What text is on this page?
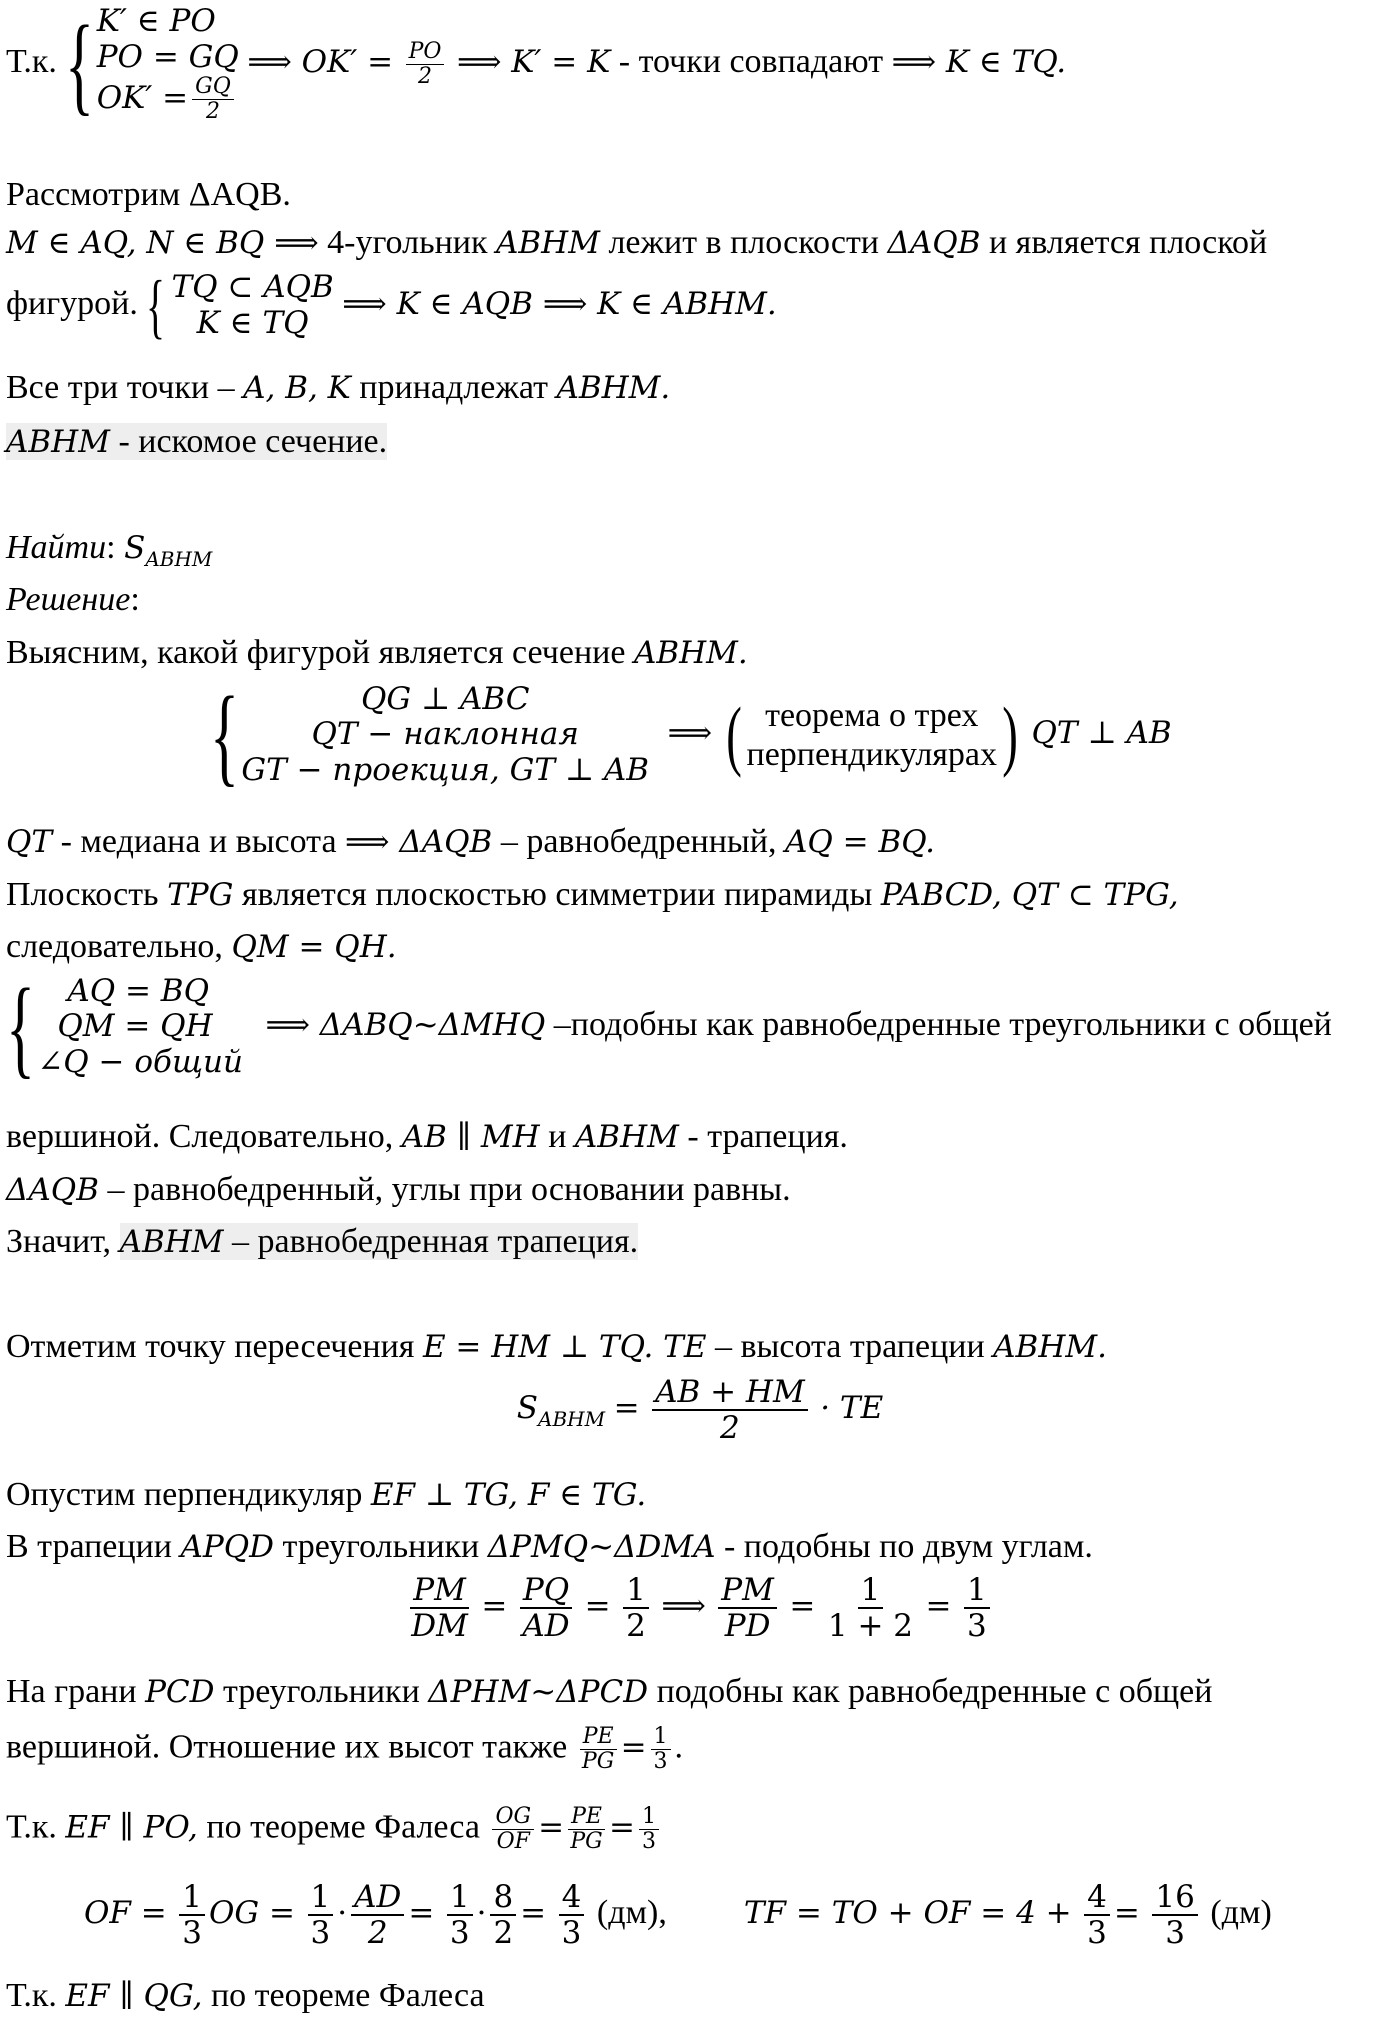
Т.к. { K′ ∈ PO
PO = GQ
$OK' = \frac{GQ}{2}$
⟹ $OK' = \frac{PO}{2}$ ⟹ K′ = K - точки совпадают ⟹ K ∈ TQ.
Рассмотрим ΔAQB.
M ∈ AQ, N ∈ BQ ⟹ 4-угольник ABHM лежит в плоскости ΔAQB и является плоской
фигурой. { TQ ⊂ AQB
K ∈ TQ
⟹ K ∈ AQB ⟹ K ∈ ABHM.
Все три точки – A, B, K принадлежат ABHM.
ABHM - искомое сечение.
Найти: $S_{ABHM}$
Решение:
Выясним, какой фигурой является сечение ABHM.
{	QG ⊥ ABC
QT − наклонная
GT − проекция, GT ⊥ AB
⟹ ( теорема о трех
перпендикулярах ) QT ⊥ AB
QT - медиана и высота ⟹ ΔAQB – равнобедренный, AQ = BQ.
Плоскость TPG является плоскостью симметрии пирамиды PABCD, QT ⊂ TPG,
следовательно, QM = QH.
{	AQ = BQ
QM = QH
∠Q − общий
⟹ ΔABQ~ΔMHQ –подобны как равнобедренные треугольники с общей
вершиной. Следовательно, AB ∥ MH и ABHM - трапеция.
ΔAQB – равнобедренный, углы при основании равны.
Значит, ABHM – равнобедренная трапеция.
Отметим точку пересечения E = HM ⊥ TQ. TE – высота трапеции ABHM.
$S_{ABHM} = \frac{AB + HM}{2}$ · TE
Опустим перпендикуляр EF ⊥ TG, F ∈ TG.
В трапеции APQD треугольники ΔPMQ~ΔDMA - подобны по двум углам.
$\frac{PM}{DM} = \frac{PQ}{AD} = \frac{1}{2}$ ⟹ $\frac{PM}{PD} = \frac{1}{1 + 2} = \frac{1}{3}$
На грани PCD треугольники ΔPHM~ΔPCD подобны как равнобедренные с общей
вершиной. Отношение их высот также $\frac{PE}{PG} = \frac{1}{3}$ .
Т.к. EF ∥ PO, по теореме Фалеса $\frac{OG}{OF} = \frac{PE}{PG} = \frac{1}{3}$
OF = $\frac{1}{3}$ OG = $\frac{1}{3} \cdot \frac{AD}{2} = \frac{1}{3} \cdot \frac{8}{2} = \frac{4}{3} (дм)$, TF = TO + OF = $4 + \frac{4}{3} = \frac{16}{3} (дм)$
Т.к. EF ∥ QG, по теореме Фалеса
